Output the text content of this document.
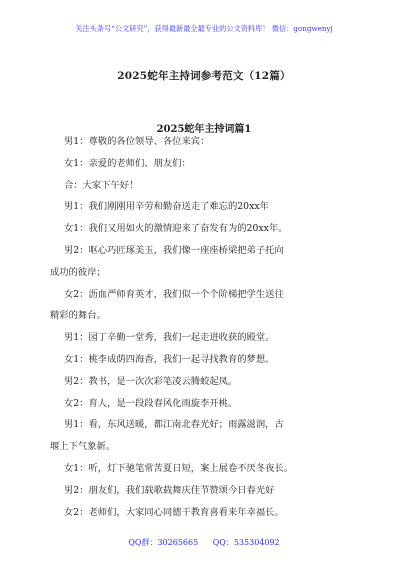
关注头条号“公文研究”，获得最新最全最专业的公文资料库！ 微信：gongwenyj
2025蛇年主持词参考范文（12篇）
2025蛇年主持词篇1

男1：尊敬的各位领导、各位来宾：

女1：亲爱的老师们、朋友们：

合：大家下午好！

男1：我们刚刚用辛劳和勤奋送走了难忘的20xx年

女1：我们又用如火的激情迎来了奋发有为的20xx年。

男2：呕心巧匠琢美玉，我们像一座座桥梁把弟子托向
成功的彼岸；

女2：沥血严师育英才，我们似一个个阶梯把学生送往
精彩的舞台。

男1：园丁辛勤一堂秀，我们一起走进收获的殿堂。

女1：桃李成荫四海香，我们一起寻找教育的梦想。

男2：教书，是一次次彩笔凌云腾蛟起凤。

女2：育人，是一段段春风化雨旋李开桃。

男1：看，东风送暖，都江南北春光好；雨露滋润，古
堰上下气象新。

女1：听，灯下驰笔常苦夏日短，案上展卷不厌冬夜长。

男2：朋友们，我们载歌载舞庆佳节赞颂今日春光好

女2：老师们，大家同心同德干教育喜看来年幸福长。

QQ群：30265665 QQ：535304092
